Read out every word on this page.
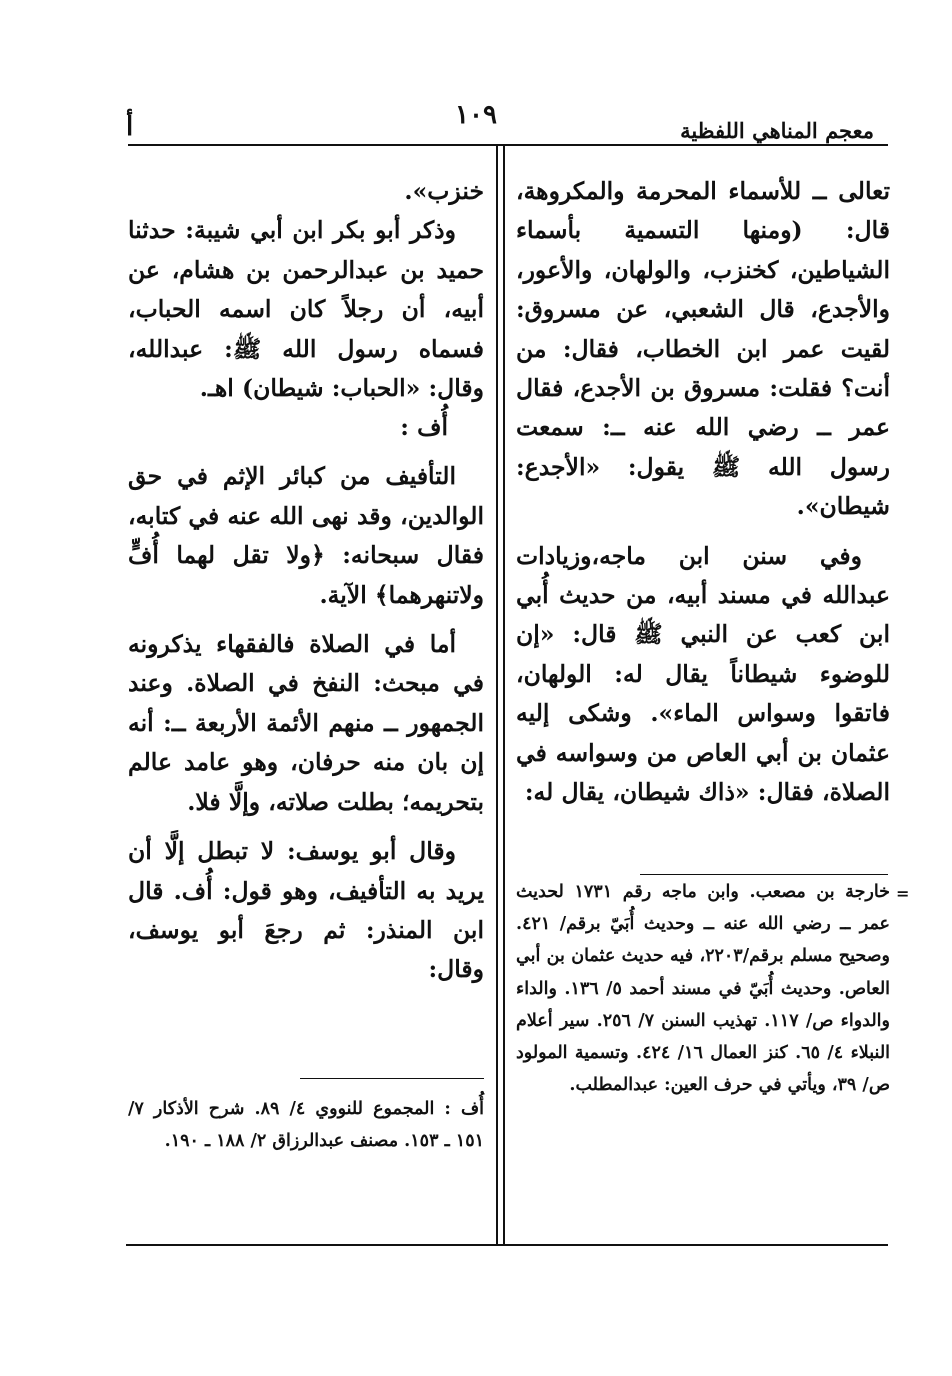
معجم المناهي اللفظية
١٠٩
أ

تعالى ــ للأسماء المحرمة والمكروهة، قال: (ومنها التسمية بأسماء الشياطين، كخنزب، والولهان، والأعور، والأجدع، قال الشعبي، عن مسروق: لقيت عمر ابن الخطاب، فقال: من أنت؟ فقلت: مسروق بن الأجدع، فقال عمر ــ رضي الله عنه ــ: سمعت رسول الله ﷺ يقول: «الأجدع: شيطان».

وفي سنن ابن ماجه،وزيادات عبدالله في مسند أبيه، من حديث أُبي ابن كعب عن النبي ﷺ قال: «إن للوضوء شيطاناً يقال له: الولهان، فاتقوا وسواس الماء». وشكى إليه عثمان بن أبي العاص من وسواسه في الصلاة، فقال: «ذاك شيطان، يقال له:

=
خارجة بن مصعب. وابن ماجه رقم ١٧٣١ لحديث عمر ــ رضي الله عنه ــ وحديث أُبَيّ برقم/ ٤٢١. وصحيح مسلم برقم/٢٢٠٣، فيه حديث عثمان بن أبي العاص. وحديث أُبَيّ في مسند أحمد ٥/ ١٣٦. والداء والدواء ص/ ١١٧. تهذيب السنن ٧/ ٢٥٦. سير أعلام النبلاء ٤/ ٦٥. كنز العمال ١٦/ ٤٢٤. وتسمية المولود ص/ ٣٩، ويأتي في حرف العين: عبدالمطلب.

خنزب».

وذكر أبو بكر ابن أبي شيبة: حدثنا حميد بن عبدالرحمن بن هشام، عن أبيه، أن رجلاً كان اسمه الحباب، فسماه رسول الله ﷺ: عبدالله، وقال: «الحباب: شيطان) اهـ.

أُف :

التأفيف من كبائر الإثم في حق الوالدين، وقد نهى الله عنه في كتابه، فقال سبحانه: ﴿ولا تقل لهما أُفٍّ ولاتنهرهما﴾ الآية.

أما في الصلاة فالفقهاء يذكرونه في مبحث: النفخ في الصلاة. وعند الجمهور ــ منهم الأئمة الأربعة ــ: أنه إن بان منه حرفان، وهو عامد عالم بتحريمه؛ بطلت صلاته، وإلَّا فلا.

وقال أبو يوسف: لا تبطل إلَّا أن يريد به التأفيف، وهو قول: أُف. قال ابن المنذر: ثم رجعَ أبو يوسف، وقال:

أُف : المجموع للنووي ٤/ ٨٩. شرح الأذكار ٧/ ١٥١ ـ ١٥٣. مصنف عبدالرزاق ٢/ ١٨٨ ـ ١٩٠.
